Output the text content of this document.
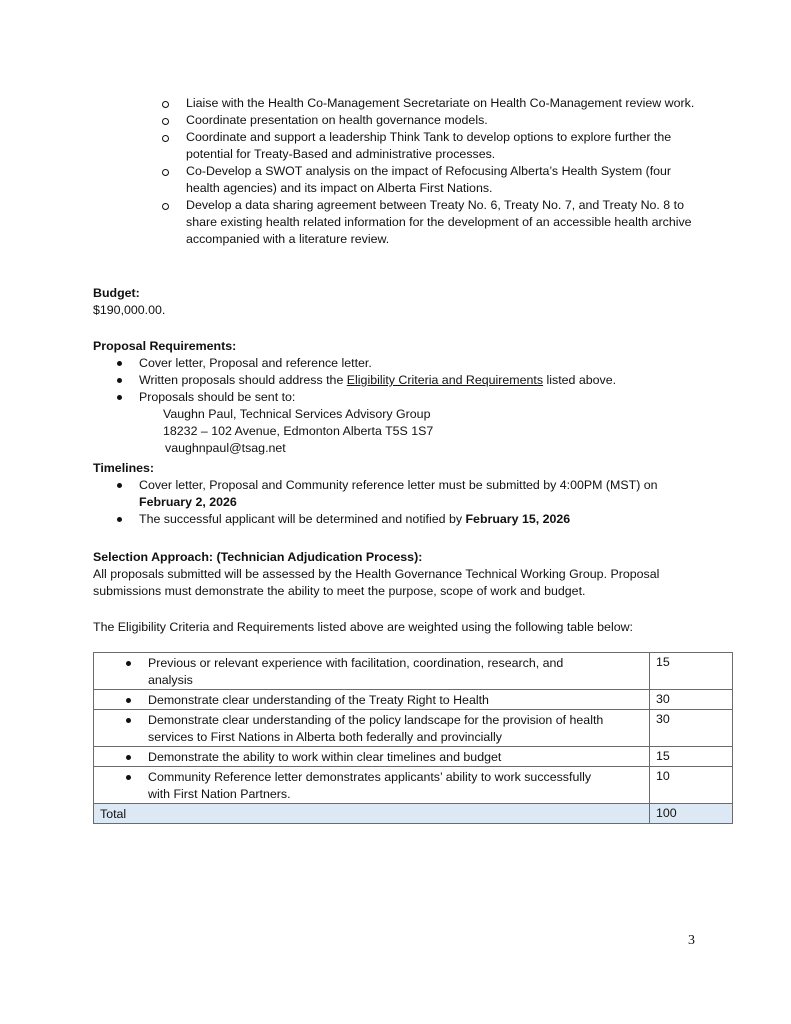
Liaise with the Health Co-Management Secretariate on Health Co-Management review work.
Coordinate presentation on health governance models.
Coordinate and support a leadership Think Tank to develop options to explore further the potential for Treaty-Based and administrative processes.
Co-Develop a SWOT analysis on the impact of Refocusing Alberta’s Health System (four health agencies) and its impact on Alberta First Nations.
Develop a data sharing agreement between Treaty No. 6, Treaty No. 7, and Treaty No. 8 to share existing health related information for the development of an accessible health archive accompanied with a literature review.
Budget:
$190,000.00.
Proposal Requirements:
Cover letter, Proposal and reference letter.
Written proposals should address the Eligibility Criteria and Requirements listed above.
Proposals should be sent to:
Vaughn Paul, Technical Services Advisory Group
18232 – 102 Avenue, Edmonton Alberta T5S 1S7
vaughnpaul@tsag.net
Timelines:
Cover letter, Proposal and Community reference letter must be submitted by 4:00PM (MST) on February 2, 2026
The successful applicant will be determined and notified by February 15, 2026
Selection Approach: (Technician Adjudication Process):
All proposals submitted will be assessed by the Health Governance Technical Working Group. Proposal submissions must demonstrate the ability to meet the purpose, scope of work and budget.
The Eligibility Criteria and Requirements listed above are weighted using the following table below:
Previous or relevant experience with facilitation, coordination, research, and analysis	15

Demonstrate clear understanding of the Treaty Right to Health	30

Demonstrate clear understanding of the policy landscape for the provision of health services to First Nations in Alberta both federally and provincially	30

Demonstrate the ability to work within clear timelines and budget	15

Community Reference letter demonstrates applicants’ ability to work successfully with First Nation Partners.	10

Total	100
3
